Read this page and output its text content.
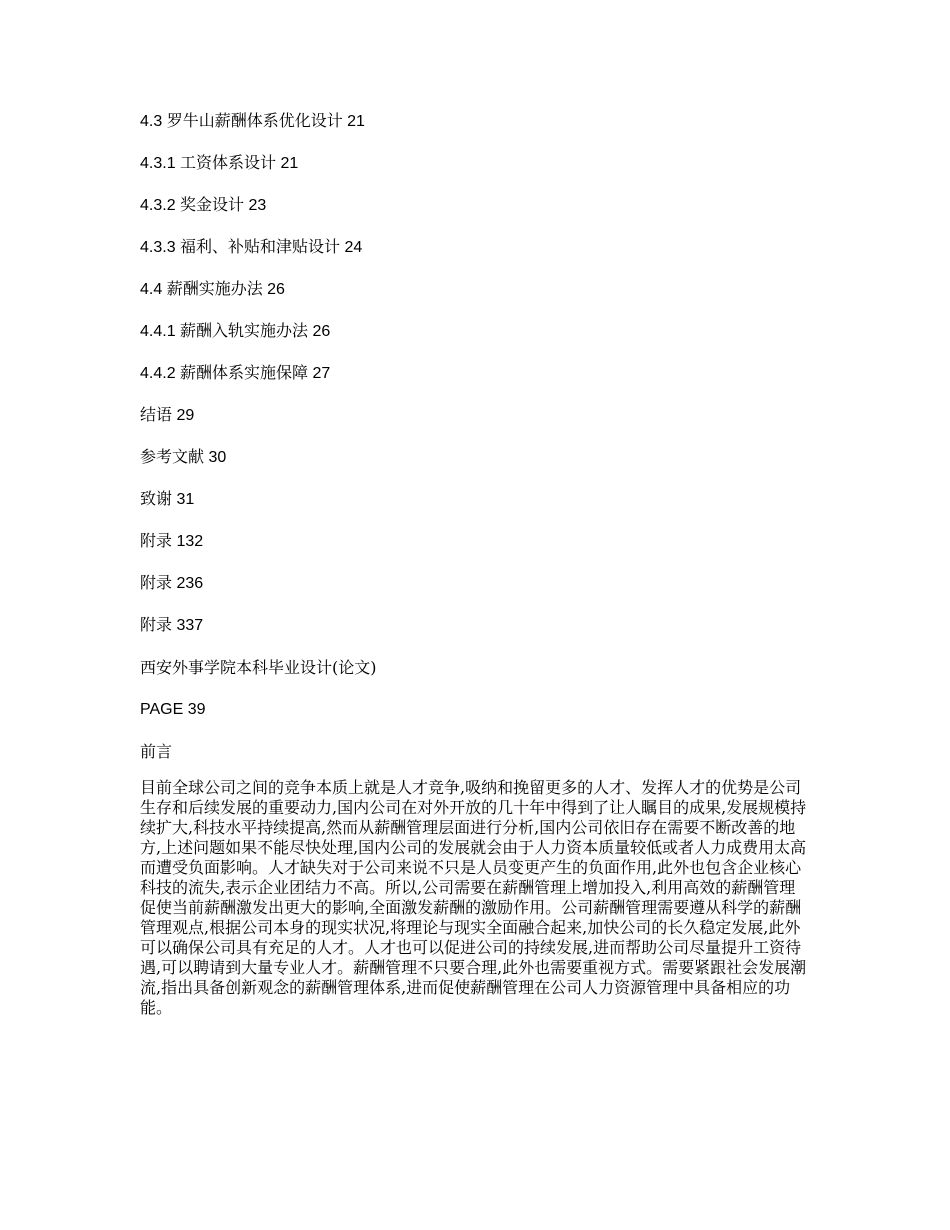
4.3 罗牛山薪酬体系优化设计 21
4.3.1 工资体系设计 21
4.3.2 奖金设计 23
4.3.3 福利、补贴和津贴设计 24
4.4 薪酬实施办法 26
4.4.1 薪酬入轨实施办法 26
4.4.2 薪酬体系实施保障 27
结语 29
参考文献 30
致谢 31
附录 132
附录 236
附录 337
西安外事学院本科毕业设计(论文)
PAGE 39
前言

目前全球公司之间的竞争本质上就是人才竞争,吸纳和挽留更多的人才、发挥人才的优势是公司生存和后续发展的重要动力,国内公司在对外开放的几十年中得到了让人瞩目的成果,发展规模持续扩大,科技水平持续提高,然而从薪酬管理层面进行分析,国内公司依旧存在需要不断改善的地方,上述问题如果不能尽快处理,国内公司的发展就会由于人力资本质量较低或者人力成费用太高而遭受负面影响。人才缺失对于公司来说不只是人员变更产生的负面作用,此外也包含企业核心科技的流失,表示企业团结力不高。所以,公司需要在薪酬管理上增加投入,利用高效的薪酬管理促使当前薪酬激发出更大的影响,全面激发薪酬的激励作用。公司薪酬管理需要遵从科学的薪酬管理观点,根据公司本身的现实状况,将理论与现实全面融合起来,加快公司的长久稳定发展,此外可以确保公司具有充足的人才。人才也可以促进公司的持续发展,进而帮助公司尽量提升工资待遇,可以聘请到大量专业人才。薪酬管理不只要合理,此外也需要重视方式。需要紧跟社会发展潮流,指出具备创新观念的薪酬管理体系,进而促使薪酬管理在公司人力资源管理中具备相应的功能。
